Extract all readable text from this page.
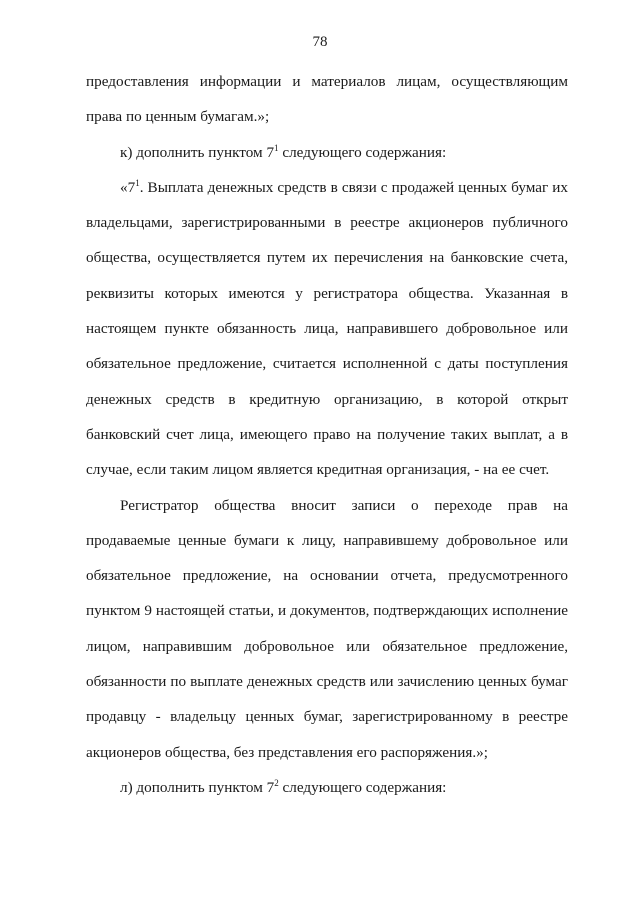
78

предоставления информации и материалов лицам, осуществляющим права по ценным бумагам.»;

к) дополнить пунктом $7^1$ следующего содержания:

«$7^1$. Выплата денежных средств в связи с продажей ценных бумаг их владельцами, зарегистрированными в реестре акционеров публичного общества, осуществляется путем их перечисления на банковские счета, реквизиты которых имеются у регистратора общества. Указанная в настоящем пункте обязанность лица, направившего добровольное или обязательное предложение, считается исполненной с даты поступления денежных средств в кредитную организацию, в которой открыт банковский счет лица, имеющего право на получение таких выплат, а в случае, если таким лицом является кредитная организация, - на ее счет.

Регистратор общества вносит записи о переходе прав на продаваемые ценные бумаги к лицу, направившему добровольное или обязательное предложение, на основании отчета, предусмотренного пунктом 9 настоящей статьи, и документов, подтверждающих исполнение лицом, направившим добровольное или обязательное предложение, обязанности по выплате денежных средств или зачислению ценных бумаг продавцу - владельцу ценных бумаг, зарегистрированному в реестре акционеров общества, без представления его распоряжения.»;

л) дополнить пунктом $7^2$ следующего содержания:
